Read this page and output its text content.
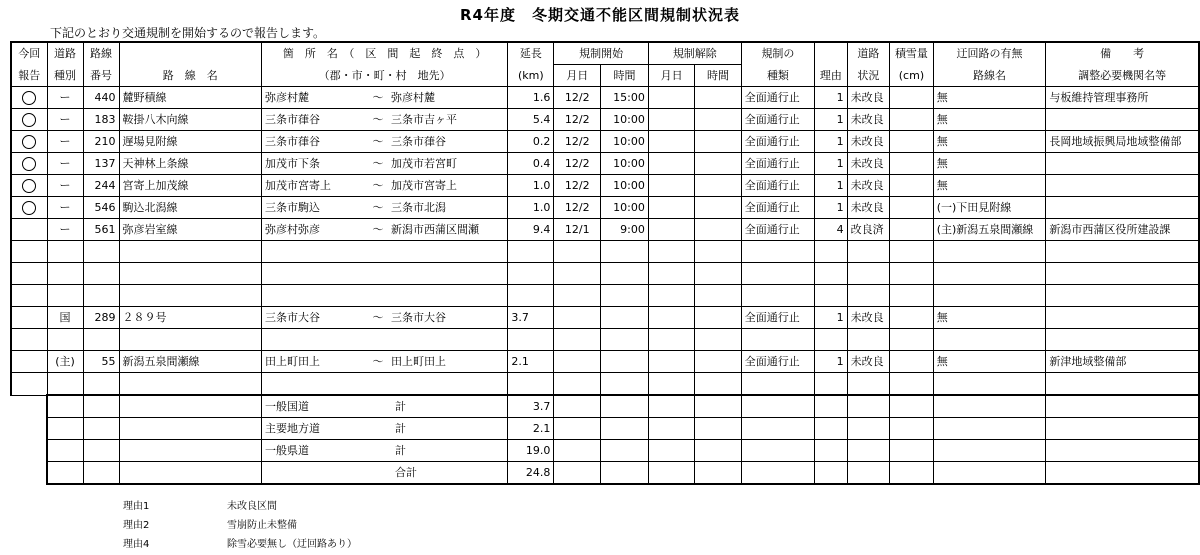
R4年度　冬期交通不能区間規制状況表
下記のとおり交通規制を開始するので報告します。
今回	道路	路線		箇　所　名　（　区　間　起　終　点　）	延長	規制開始		規制解除		規制の		道路	積雪量	迂回路の有無	備　　考
報告	種別	番号	路　線　名	（郡・市・町・村　地先）	(km)	月日	時間	月日	時間	種類	理由	状況	(cm)	路線名	調整必要機関名等
	ー	440	麓野積線	弥彦村麓 ～ 弥彦村麓	1.6	12/2	15:00			全面通行止	1	未改良		無	与板維持管理事務所
	ー	183	鞍掛八木向線	三条市葎谷 ～ 三条市吉ヶ平	5.4	12/2	10:00			全面通行止	1	未改良		無	
	ー	210	遅場見附線	三条市葎谷 ～ 三条市葎谷	0.2	12/2	10:00			全面通行止	1	未改良		無	長岡地域振興局地域整備部
	ー	137	天神林上条線	加茂市下条 ～ 加茂市若宮町	0.4	12/2	10:00			全面通行止	1	未改良		無	
	ー	244	宮寄上加茂線	加茂市宮寄上 ～ 加茂市宮寄上	1.0	12/2	10:00			全面通行止	1	未改良		無	
	ー	546	駒込北潟線	三条市駒込 ～ 三条市北潟	1.0	12/2	10:00			全面通行止	1	未改良		(一)下田見附線	
	ー	561	弥彦岩室線	弥彦村弥彦 ～ 新潟市西蒲区間瀬	9.4	12/1	9:00			全面通行止	4	改良済		(主)新潟五泉間瀬線	新潟市西蒲区役所建設課

	国	289	２８９号	三条市大谷 ～ 三条市大谷	3.7					全面通行止	1	未改良		無	

	(主)	55	新潟五泉間瀬線	田上町田上 ～ 田上町田上	2.1					全面通行止	1	未改良		無	新津地域整備部

				一般国道 計	3.7										
				主要地方道 計	2.1										
				一般県道 計	19.0										
				合計	24.8										
理由1	未改良区間
理由2	雪崩防止未整備
理由4	除雪必要無し（迂回路あり）
